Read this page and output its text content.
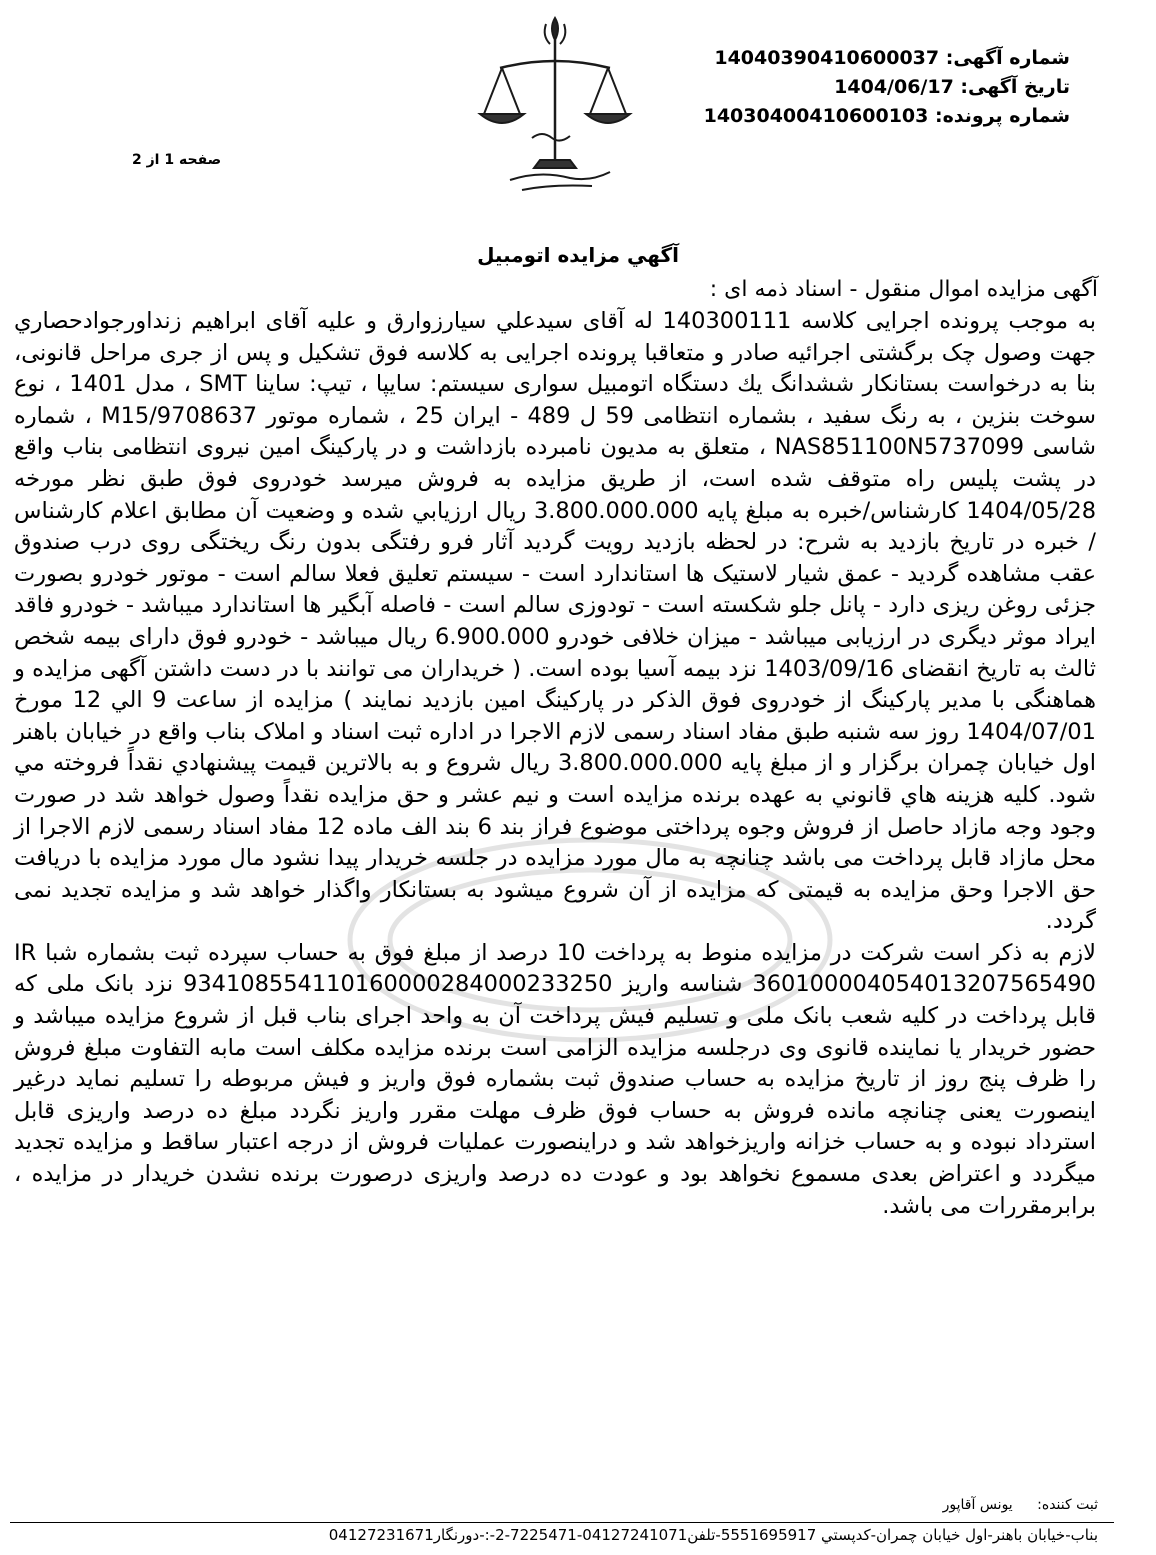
شماره آگهی: 14040390410600037
تاریخ آگهی: 1404/06/17
شماره پرونده: 14030400410600103
صفحه 1 از 2
آگهي مزايده اتومبيل
آگهی مزایده اموال منقول - اسناد ذمه ای :

به موجب پرونده اجرایی کلاسه 140300111 له آقای سیدعلي سيارزوارق و علیه آقای ابراهیم زنداورجوادحصاري جهت وصول چک برگشتی اجرائیه صادر و متعاقبا پرونده اجرایی به کلاسه فوق تشکیل و پس از جری مراحل قانونی، بنا به درخواست بستانکار ششدانگ يك دستگاه اتومبیل سواری سیستم: سایپا ، تیپ: ساینا SMT ، مدل 1401 ، نوع سوخت بنزین ، به رنگ سفید ، بشماره انتظامی 59 ل 489 - ایران 25 ، شماره موتور M15/9708637 ، شماره شاسی NAS851100N5737099 ، متعلق به مدیون نامبرده بازداشت و در پارکینگ امین نیروی انتظامی بناب واقع در پشت پلیس راه متوقف شده است، از طریق مزایده به فروش میرسد خودروی فوق طبق نظر مورخه 1404/05/28 کارشناس/خبره به مبلغ پایه 3.800.000.000 ریال ارزيابي شده و وضعیت آن مطابق اعلام کارشناس / خبره در تاریخ بازدید به شرح: در لحظه بازدید رویت گردید آثار فرو رفتگی بدون رنگ ریختگی روی درب صندوق عقب مشاهده گردید - عمق شیار لاستیک ها استاندارد است - سیستم تعلیق فعلا سالم است - موتور خودرو بصورت جزئی روغن ریزی دارد - پانل جلو شکسته است - تودوزی سالم است - فاصله آبگیر ها استاندارد میباشد - خودرو فاقد ایراد موثر دیگری در ارزیابی میباشد - میزان خلافی خودرو 6.900.000 ریال میباشد - خودرو فوق دارای بیمه شخص ثالث به تاریخ انقضای 1403/09/16 نزد بیمه آسیا بوده است. ( خریداران می توانند با در دست داشتن آگهی مزایده و هماهنگی با مدیر پارکینگ از خودروی فوق الذکر در پارکینگ امین بازدید نمایند ) مزایده از ساعت 9 الي 12 مورخ 1404/07/01 روز سه شنبه طبق مفاد اسناد رسمی لازم الاجرا در اداره ثبت اسناد و املاک بناب واقع در خیابان باهنر اول خیابان چمران برگزار و از مبلغ پایه 3.800.000.000 ریال شروع و به بالاترین قیمت پیشنهادي نقداً فروخته مي شود. کلیه هزینه هاي قانوني به عهده برنده مزایده است و نیم عشر و حق مزایده نقداً وصول خواهد شد در صورت وجود وجه مازاد حاصل از فروش وجوه پرداختی موضوع فراز بند 6 بند الف ماده 12 مفاد اسناد رسمی لازم الاجرا از محل مازاد قابل پرداخت می باشد چنانچه به مال مورد مزایده در جلسه خریدار پیدا نشود مال مورد مزایده با دریافت حق الاجرا وحق مزایده به قیمتی که مزایده از آن شروع میشود به بستانکار واگذار خواهد شد و مزایده تجدید نمی گردد.

لازم به ذکر است شرکت در مزایده منوط به پرداخت 10 درصد از مبلغ فوق به حساب سپرده ثبت بشماره شبا IR 360100004054013207565490 شناسه واریز 934108554110160000284000233250 نزد بانک ملی که قابل پرداخت در کلیه شعب بانک ملی و تسلیم فیش پرداخت آن به واحد اجرای بناب قبل از شروع مزایده میباشد و حضور خریدار یا نماینده قانوی وی درجلسه مزایده الزامی است برنده مزایده مکلف است مابه التفاوت مبلغ فروش را ظرف پنج روز از تاریخ مزایده به حساب صندوق ثبت بشماره فوق واریز و فیش مربوطه را تسلیم نماید درغیر اینصورت یعنی چنانچه مانده فروش به حساب فوق ظرف مهلت مقرر واریز نگردد مبلغ ده درصد واریزی قابل استرداد نبوده و به حساب خزانه واریزخواهد شد و دراینصورت عملیات فروش از درجه اعتبار ساقط و مزایده تجدید میگردد و اعتراض بعدی مسموع نخواهد بود و عودت ده درصد واریزی درصورت برنده نشدن خریدار در مزایده ، برابرمقررات می باشد.

ثبت کننده: یونس آقاپور
بناب-خیابان باهنر-اول خیابان چمران-کدپستي 5551695917-تلفن04127241071-7225471-2-:-دورنگار04127231671
